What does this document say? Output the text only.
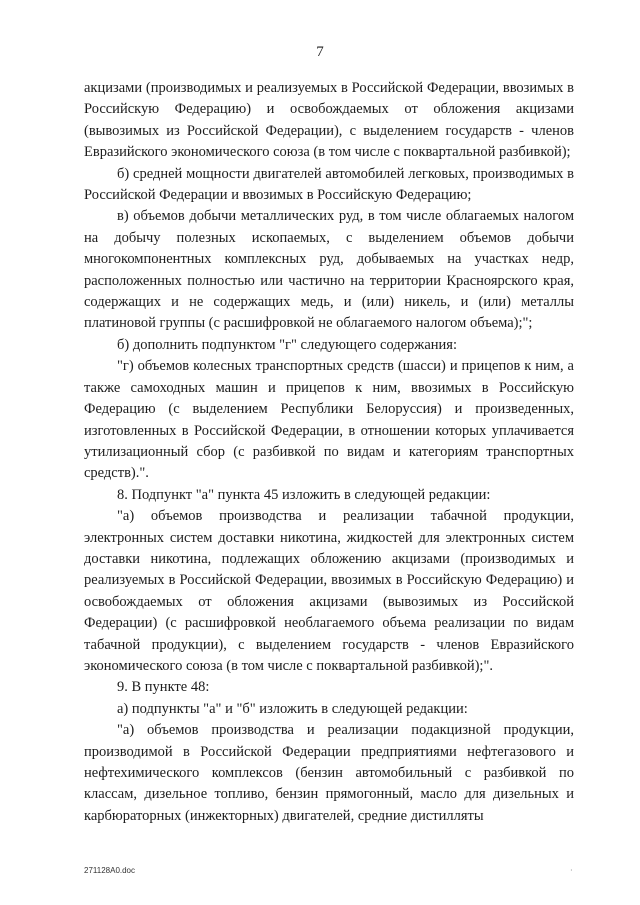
7

акцизами (производимых и реализуемых в Российской Федерации, ввозимых в Российскую Федерацию) и освобождаемых от обложения акцизами (вывозимых из Российской Федерации), с выделением государств - членов Евразийского экономического союза (в том числе с поквартальной разбивкой);

б) средней мощности двигателей автомобилей легковых, производимых в Российской Федерации и ввозимых в Российскую Федерацию;

в) объемов добычи металлических руд, в том числе облагаемых налогом на добычу полезных ископаемых, с выделением объемов добычи многокомпонентных комплексных руд, добываемых на участках недр, расположенных полностью или частично на территории Красноярского края, содержащих и не содержащих медь, и (или) никель, и (или) металлы платиновой группы (с расшифровкой не облагаемого налогом объема);";

б) дополнить подпунктом "г" следующего содержания:

"г) объемов колесных транспортных средств (шасси) и прицепов к ним, а также самоходных машин и прицепов к ним, ввозимых в Российскую Федерацию (с выделением Республики Белоруссия) и произведенных, изготовленных в Российской Федерации, в отношении которых уплачивается утилизационный сбор (с разбивкой по видам и категориям транспортных средств).".

8. Подпункт "а" пункта 45 изложить в следующей редакции:

"а) объемов производства и реализации табачной продукции, электронных систем доставки никотина, жидкостей для электронных систем доставки никотина, подлежащих обложению акцизами (производимых и реализуемых в Российской Федерации, ввозимых в Российскую Федерацию) и освобождаемых от обложения акцизами (вывозимых из Российской Федерации) (с расшифровкой необлагаемого объема реализации по видам табачной продукции), с выделением государств - членов Евразийского экономического союза (в том числе с поквартальной разбивкой);".

9. В пункте 48:

а) подпункты "а" и "б" изложить в следующей редакции:

"а) объемов производства и реализации подакцизной продукции, производимой в Российской Федерации предприятиями нефтегазового и нефтехимического комплексов (бензин автомобильный с разбивкой по классам, дизельное топливо, бензин прямогонный, масло для дизельных и карбюраторных (инжекторных) двигателей, средние дистилляты

271128A0.doc	·
